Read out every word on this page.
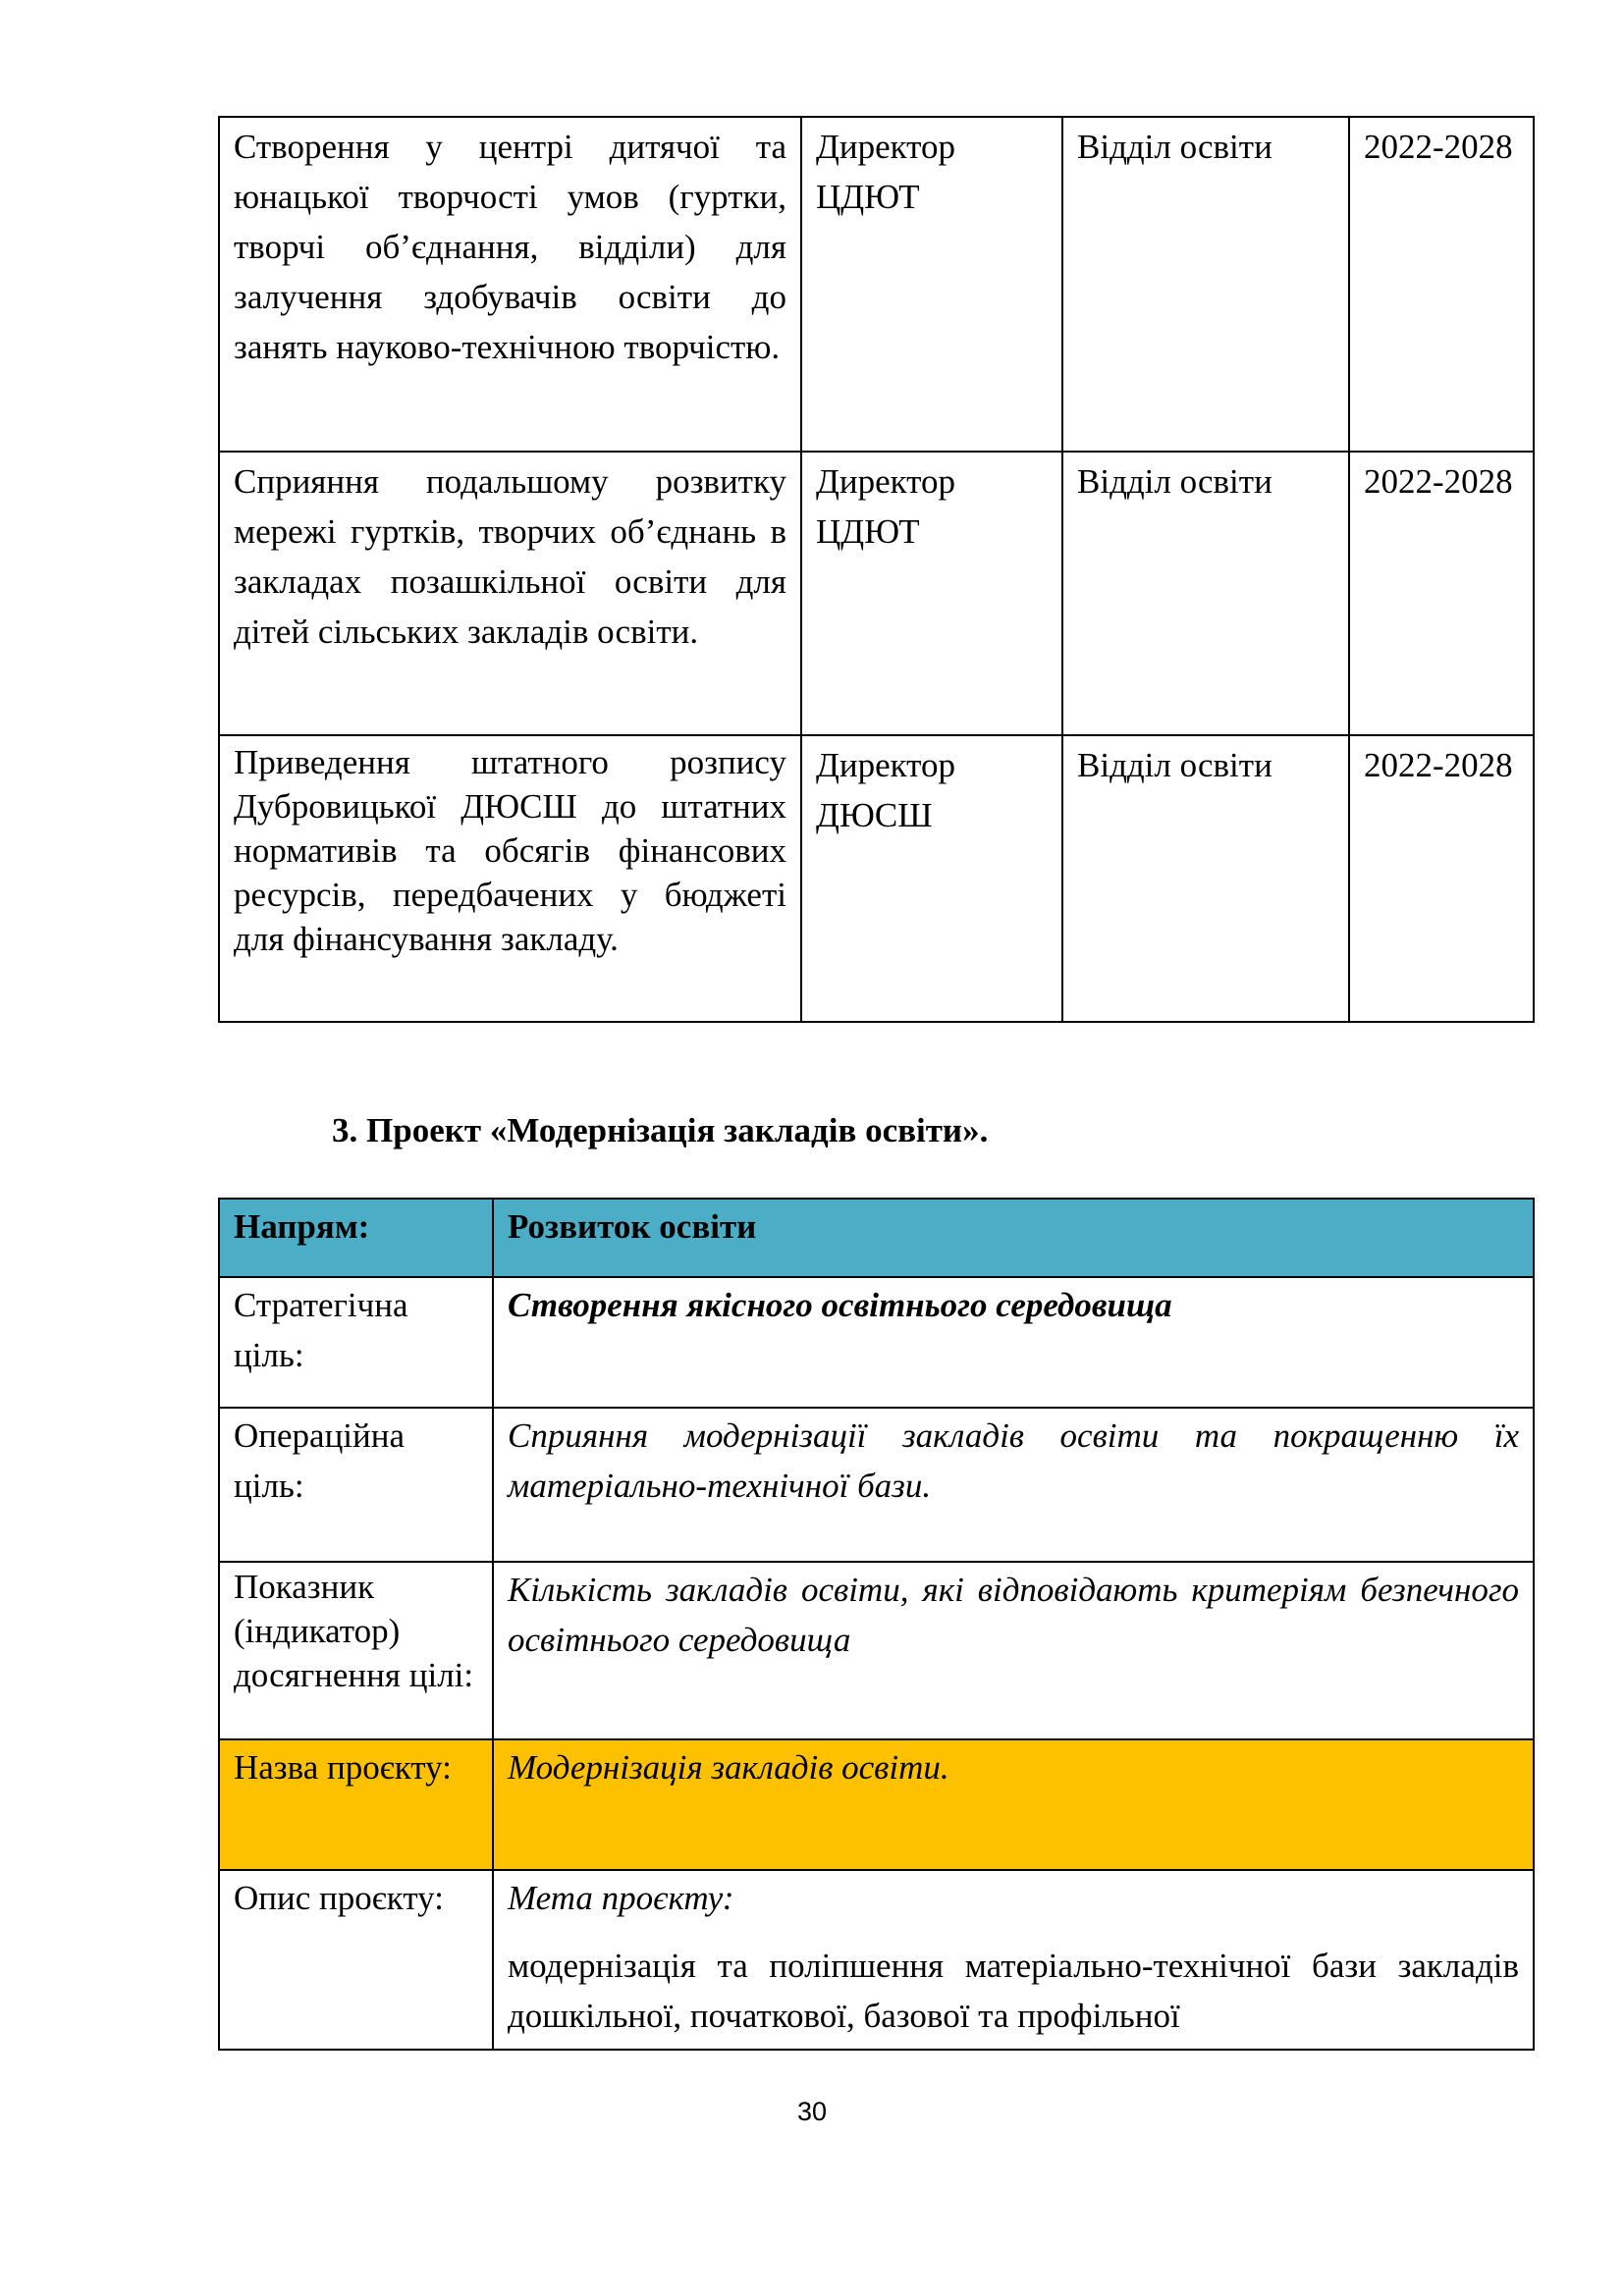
Створення у центрі дитячої та юнацької творчості умов (гуртки, творчі об’єднання, відділи) для залучення здобувачів освіти до занять науково-технічною творчістю.	Директор ЦДЮТ	Відділ освіти	2022-2028
Сприяння подальшому розвитку мережі гуртків, творчих об’єднань в закладах позашкільної освіти для дітей сільських закладів освіти.	Директор ЦДЮТ	Відділ освіти	2022-2028
Приведення штатного розпису Дубровицької ДЮСШ до штатних нормативів та обсягів фінансових ресурсів, передбачених у бюджеті для фінансування закладу.	Директор ДЮСШ	Відділ освіти	2022-2028
3. Проект «Модернізація закладів освіти».
Напрям:	Розвиток освіти
Стратегічна ціль:	Створення якісного освітнього середовища
Операційна ціль:	Сприяння модернізації закладів освіти та покращенню їх матеріально-технічної бази.
Показник (індикатор) досягнення цілі:	Кількість закладів освіти, які відповідають критеріям безпечного освітнього середовища
Назва проєкту:	Модернізація закладів освіти.
Опис проєкту:	Мета проєкту:

модернізація та поліпшення матеріально-технічної бази закладів дошкільної, початкової, базової та профільної

30
